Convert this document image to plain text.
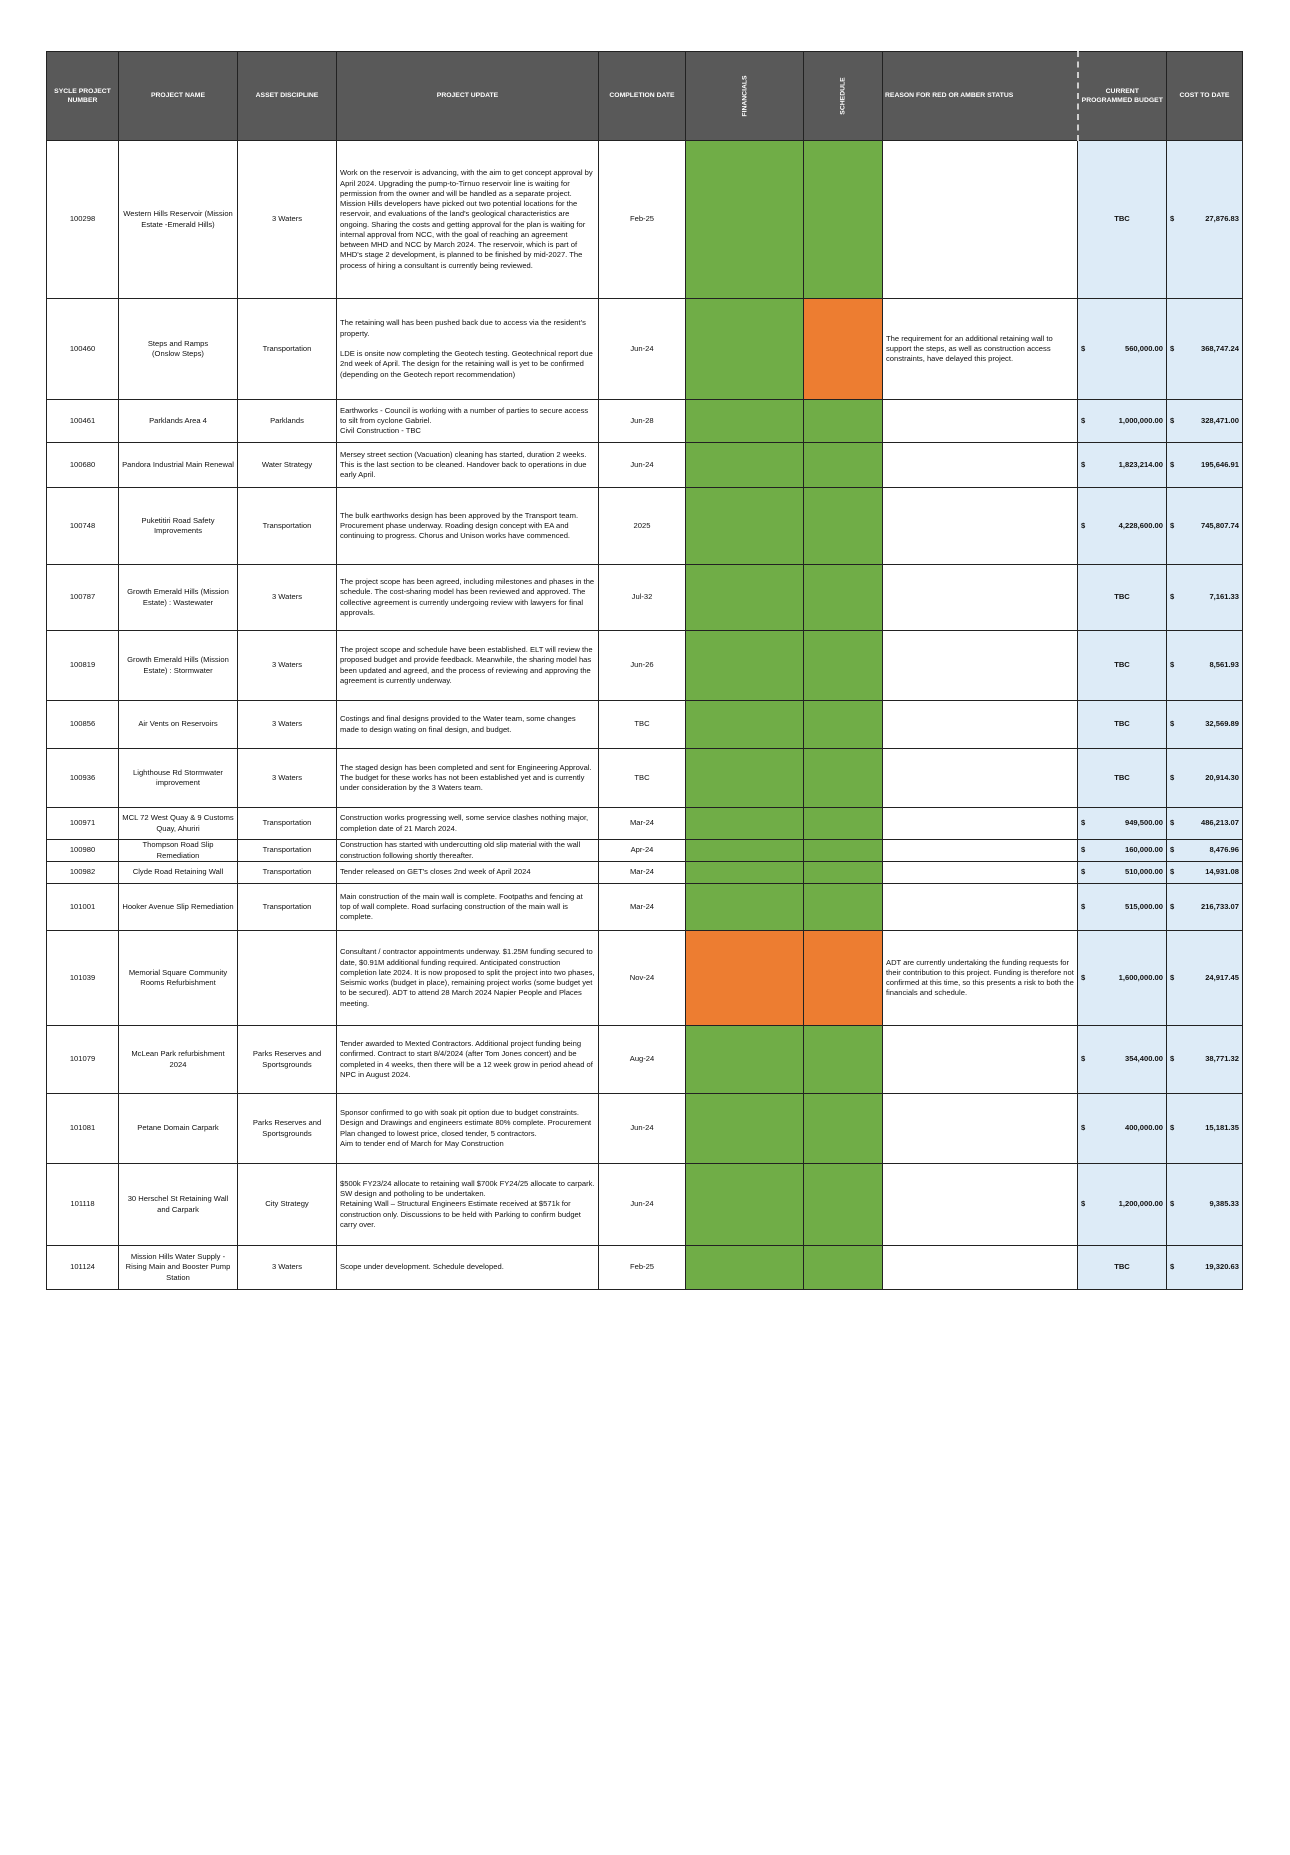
SYCLE PROJECT NUMBER	PROJECT NAME	ASSET DISCIPLINE	PROJECT UPDATE	COMPLETION DATE	FINANCIALS	SCHEDULE	REASON FOR RED OR AMBER STATUS	CURRENT PROGRAMMED BUDGET	COST TO DATE
100298	Western Hills Reservoir (Mission Estate -Emerald Hills)	3 Waters	Work on the reservoir is advancing, with the aim to get concept approval by April 2024. Upgrading the pump-to-Tirnuo reservoir line is waiting for permission from the owner and will be handled as a separate project. Mission Hills developers have picked out two potential locations for the reservoir, and evaluations of the land's geological characteristics are ongoing. Sharing the costs and getting approval for the plan is waiting for internal approval from NCC, with the goal of reaching an agreement between MHD and NCC by March 2024. The reservoir, which is part of MHD's stage 2 development, is planned to be finished by mid-2027. The process of hiring a consultant is currently being reviewed.	Feb-25				TBC	$ 27,876.83

100460	Steps and Ramps
(Onslow Steps)	Transportation	The retaining wall has been pushed back due to access via the resident's property.

LDE is onsite now completing the Geotech testing. Geotechnical report due 2nd week of April. The design for the retaining wall is yet to be confirmed (depending on the Geotech report recommendation)	Jun-24			The requirement for an additional retaining wall to support the steps, as well as construction access constraints, have delayed this project.	$ 560,000.00	$ 368,747.24

100461	Parklands Area 4	Parklands	Earthworks - Council is working with a number of parties to secure access to silt from cyclone Gabriel.
Civil Construction - TBC	Jun-28				$ 1,000,000.00	$ 328,471.00

100680	Pandora Industrial Main Renewal	Water Strategy	Mersey street section (Vacuation) cleaning has started, duration 2 weeks. This is the last section to be cleaned. Handover back to operations in due early April.	Jun-24				$ 1,823,214.00	$ 195,646.91

100748	Puketitiri Road Safety Improvements	Transportation	The bulk earthworks design has been approved by the Transport team. Procurement phase underway. Roading design concept with EA and continuing to progress. Chorus and Unison works have commenced.	2025				$ 4,228,600.00	$ 745,807.74

100787	Growth Emerald Hills (Mission Estate) : Wastewater	3 Waters	The project scope has been agreed, including milestones and phases in the schedule. The cost-sharing model has been reviewed and approved. The collective agreement is currently undergoing review with lawyers for final approvals.	Jul-32				TBC	$ 7,161.33

100819	Growth Emerald Hills (Mission Estate) : Stormwater	3 Waters	The project scope and schedule have been established. ELT will review the proposed budget and provide feedback. Meanwhile, the sharing model has been updated and agreed, and the process of reviewing and approving the agreement is currently underway.	Jun-26				TBC	$ 8,561.93

100856	Air Vents on Reservoirs	3 Waters	Costings and final designs provided to the Water team, some changes made to design wating on final design, and budget.	TBC				TBC	$ 32,569.89

100936	Lighthouse Rd Stormwater improvement	3 Waters	The staged design has been completed and sent for Engineering Approval. The budget for these works has not been established yet and is currently under consideration by the 3 Waters team.	TBC				TBC	$ 20,914.30

100971	MCL 72 West Quay & 9 Customs Quay, Ahuriri	Transportation	Construction works progressing well, some service clashes nothing major, completion date of 21 March 2024.	Mar-24				$ 949,500.00	$ 486,213.07

100980	Thompson Road Slip Remediation	Transportation	Construction has started with undercutting old slip material with the wall construction following shortly thereafter.	Apr-24				$ 160,000.00	$ 8,476.96

100982	Clyde Road Retaining Wall	Transportation	Tender released on GET's closes 2nd week of April 2024	Mar-24				$ 510,000.00	$ 14,931.08

101001	Hooker Avenue Slip Remediation	Transportation	Main construction of the main wall is complete. Footpaths and fencing at top of wall complete. Road surfacing construction of the main wall is complete.	Mar-24				$ 515,000.00	$ 216,733.07

101039	Memorial Square Community Rooms Refurbishment		Consultant / contractor appointments underway. $1.25M funding secured to date, $0.91M additional funding required. Anticipated construction completion late 2024. It is now proposed to split the project into two phases, Seismic works (budget in place), remaining project works (some budget yet to be secured). ADT to attend 28 March 2024 Napier People and Places meeting.	Nov-24			ADT are currently undertaking the funding requests for their contribution to this project. Funding is therefore not confirmed at this time, so this presents a risk to both the financials and schedule.	$ 1,600,000.00	$ 24,917.45

101079	McLean Park refurbishment 2024	Parks Reserves and Sportsgrounds	Tender awarded to Mexted Contractors. Additional project funding being confirmed. Contract to start 8/4/2024 (after Tom Jones concert) and be completed in 4 weeks, then there will be a 12 week grow in period ahead of NPC in August 2024.	Aug-24				$ 354,400.00	$ 38,771.32

101081	Petane Domain Carpark	Parks Reserves and Sportsgrounds	Sponsor confirmed to go with soak pit option due to budget constraints. Design and Drawings and engineers estimate 80% complete. Procurement Plan changed to lowest price, closed tender, 5 contractors.
Aim to tender end of March for May Construction	Jun-24				$ 400,000.00	$ 15,181.35

101118	30 Herschel St Retaining Wall and Carpark	City Strategy	$500k FY23/24 allocate to retaining wall $700k FY24/25 allocate to carpark. SW design and potholing to be undertaken.
Retaining Wall – Structural Engineers Estimate received at $571k for construction only. Discussions to be held with Parking to confirm budget carry over.	Jun-24				$ 1,200,000.00	$ 9,385.33

101124	Mission Hills Water Supply - Rising Main and Booster Pump Station	3 Waters	Scope under development. Schedule developed.	Feb-25				TBC	$ 19,320.63
